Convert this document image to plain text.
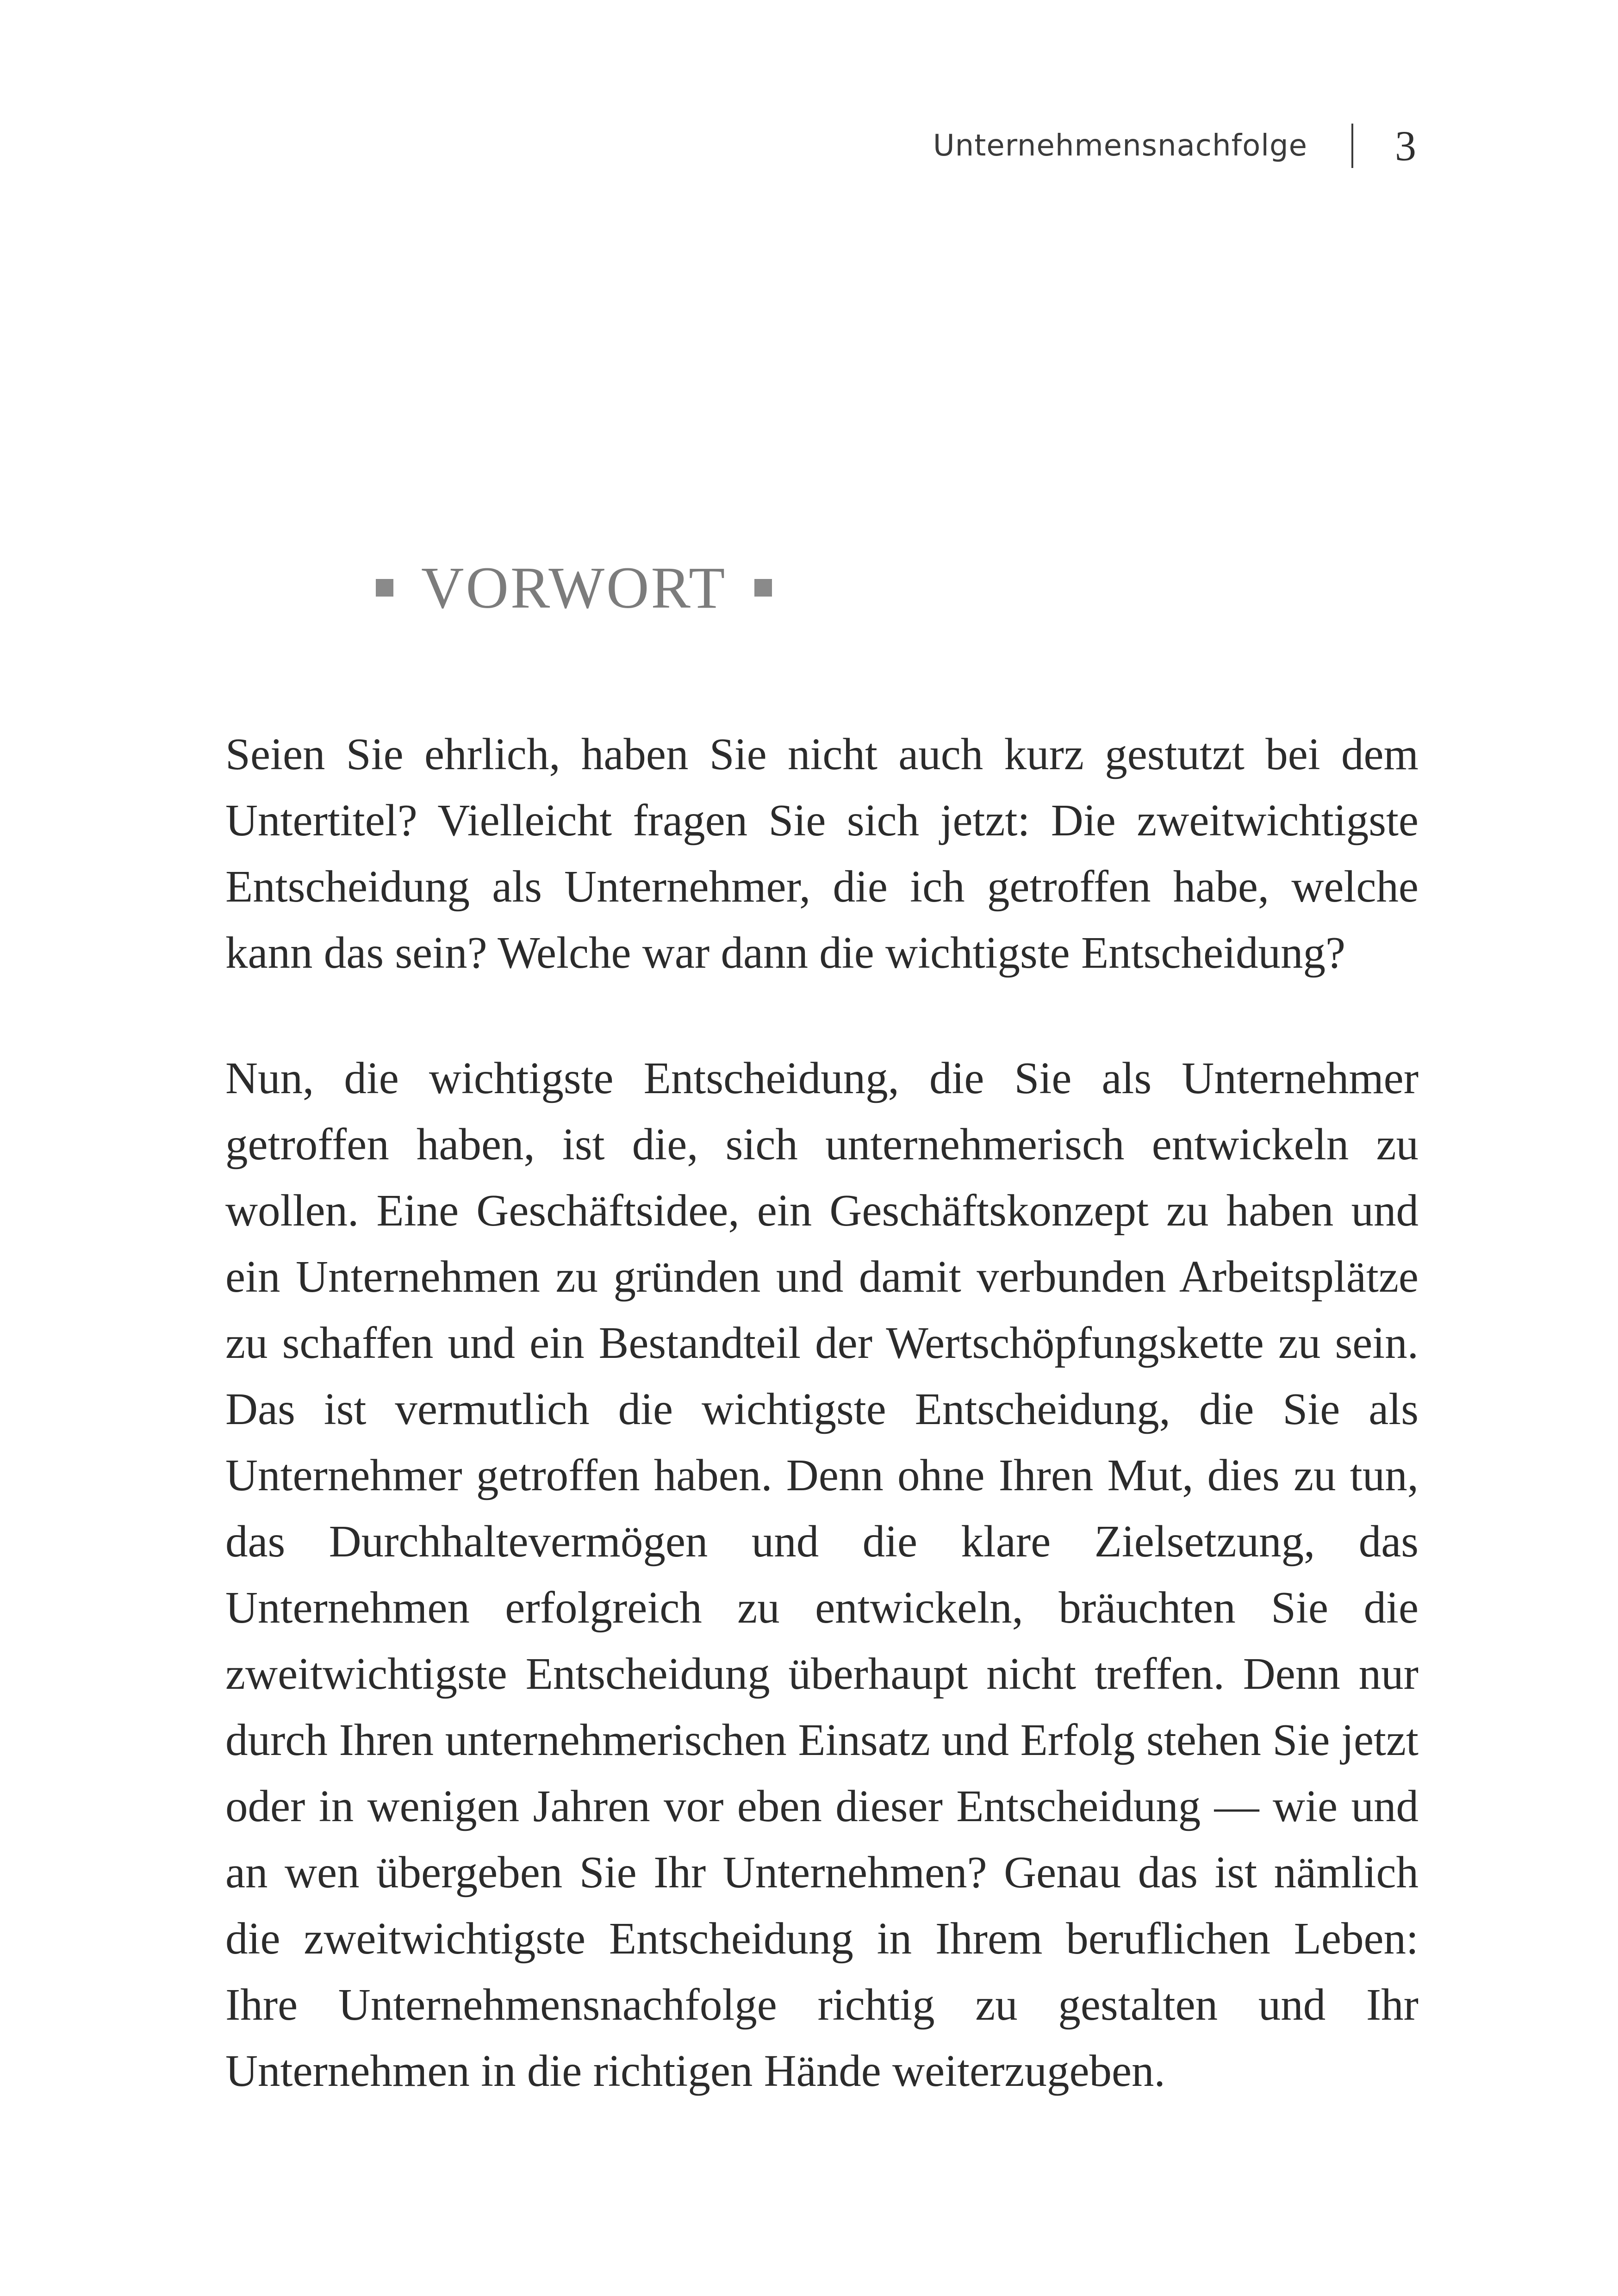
Unternehmensnachfolge 3
VORWORT

Seien Sie ehrlich, haben Sie nicht auch kurz gestutzt bei dem Untertitel? Vielleicht fragen Sie sich jetzt: Die zweitwichtigste Entscheidung als Unternehmer, die ich getroffen habe, welche kann das sein? Welche war dann die wichtigste Entscheidung?

Nun, die wichtigste Entscheidung, die Sie als Unternehmer getroffen haben, ist die, sich unternehmerisch entwickeln zu wollen. Eine Geschäftsidee, ein Geschäftskonzept zu haben und ein Unternehmen zu gründen und damit verbunden Arbeitsplätze zu schaffen und ein Bestandteil der Wertschöpfungskette zu sein. Das ist vermutlich die wichtigste Entscheidung, die Sie als Unternehmer getroffen haben. Denn ohne Ihren Mut, dies zu tun, das Durchhaltevermögen und die klare Zielsetzung, das Unternehmen erfolgreich zu entwickeln, bräuchten Sie die zweitwichtigste Entscheidung überhaupt nicht treffen. Denn nur durch Ihren unternehmerischen Einsatz und Erfolg stehen Sie jetzt oder in wenigen Jahren vor eben dieser Entscheidung — wie und an wen übergeben Sie Ihr Unternehmen? Genau das ist nämlich die zweitwichtigste Entscheidung in Ihrem beruflichen Leben: Ihre Unternehmensnachfolge richtig zu gestalten und Ihr Unternehmen in die richtigen Hände weiterzugeben.
